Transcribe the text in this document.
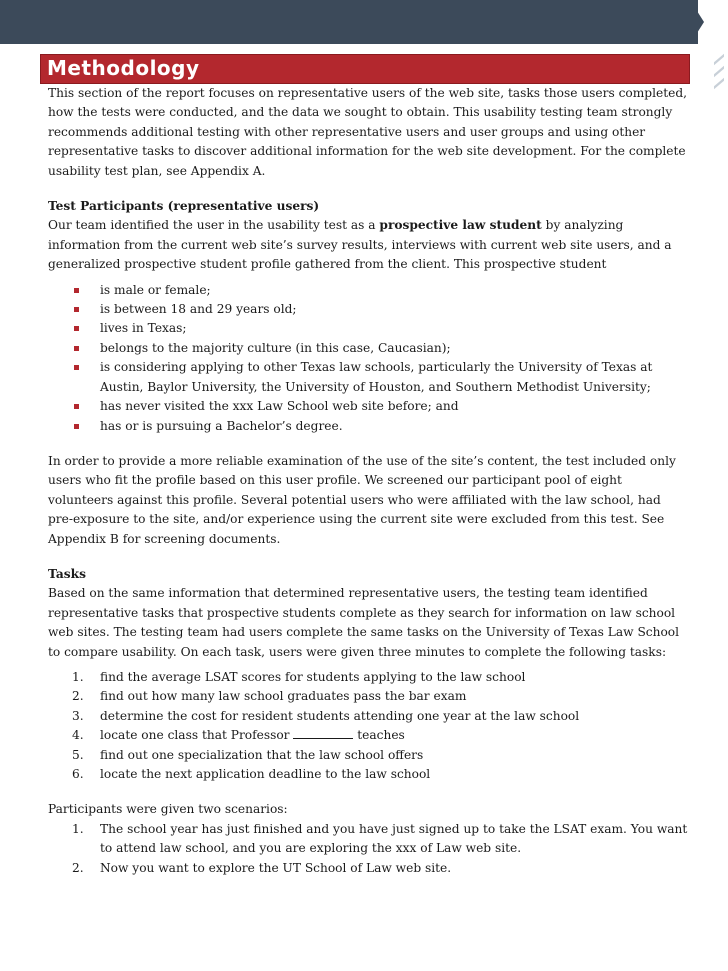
Methodology

This section of the report focuses on representative users of the web site, tasks those users completed, how the tests were conducted, and the data we sought to obtain. This usability testing team strongly recommends additional testing with other representative users and user groups and using other representative tasks to discover additional information for the web site development. For the complete usability test plan, see Appendix A.

Test Participants (representative users)

Our team identified the user in the usability test as a prospective law student by analyzing information from the current web site’s survey results, interviews with current web site users, and a generalized prospective student profile gathered from the client. This prospective student

is male or female;
is between 18 and 29 years old;
lives in Texas;
belongs to the majority culture (in this case, Caucasian);
is considering applying to other Texas law schools, particularly the University of Texas at Austin, Baylor University, the University of Houston, and Southern Methodist University;
has never visited the xxx Law School web site before; and
has or is pursuing a Bachelor’s degree.

In order to provide a more reliable examination of the use of the site’s content, the test included only users who fit the profile based on this user profile. We screened our participant pool of eight volunteers against this profile. Several potential users who were affiliated with the law school, had pre-exposure to the site, and/or experience using the current site were excluded from this test. See Appendix B for screening documents.

Tasks

Based on the same information that determined representative users, the testing team identified representative tasks that prospective students complete as they search for information on law school web sites. The testing team had users complete the same tasks on the University of Texas Law School to compare usability. On each task, users were given three minutes to complete the following tasks:

1. find the average LSAT scores for students applying to the law school
2. find out how many law school graduates pass the bar exam
3. determine the cost for resident students attending one year at the law school
4. locate one class that Professor	teaches
5. find out one specialization that the law school offers
6. locate the next application deadline to the law school

Participants were given two scenarios:

1. The school year has just finished and you have just signed up to take the LSAT exam. You want to attend law school, and you are exploring the xxx of Law web site.
2. Now you want to explore the UT School of Law web site.
